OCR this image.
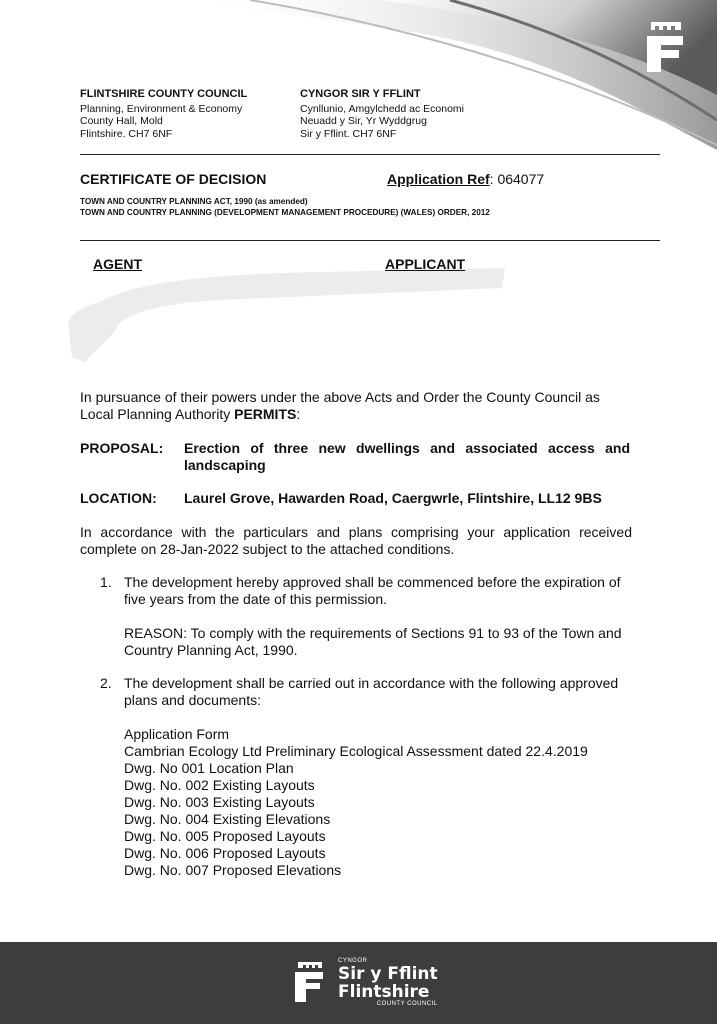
FLINTSHIRE COUNTY COUNCIL
Planning, Environment & Economy
County Hall, Mold
Flintshire. CH7 6NF
CYNGOR SIR Y FFLINT
Cynllunio, Amgylchedd ac Economi
Neuadd y Sir, Yr Wyddgrug
Sir y Fflint. CH7 6NF
CERTIFICATE OF DECISION	Application Ref: 064077
TOWN AND COUNTRY PLANNING ACT, 1990 (as amended)
TOWN AND COUNTRY PLANNING (DEVELOPMENT MANAGEMENT PROCEDURE) (WALES) ORDER, 2012
AGENT	APPLICANT
In pursuance of their powers under the above Acts and Order the County Council as Local Planning Authority PERMITS:
PROPOSAL: Erection of three new dwellings and associated access and landscaping
LOCATION: Laurel Grove, Hawarden Road, Caergwrle, Flintshire, LL12 9BS
In accordance with the particulars and plans comprising your application received complete on 28-Jan-2022 subject to the attached conditions.
1. The development hereby approved shall be commenced before the expiration of five years from the date of this permission.
REASON: To comply with the requirements of Sections 91 to 93 of the Town and Country Planning Act, 1990.
2. The development shall be carried out in accordance with the following approved plans and documents:
Application Form
Cambrian Ecology Ltd Preliminary Ecological Assessment dated 22.4.2019
Dwg. No 001 Location Plan
Dwg. No. 002 Existing Layouts
Dwg. No. 003 Existing Layouts
Dwg. No. 004 Existing Elevations
Dwg. No. 005 Proposed Layouts
Dwg. No. 006 Proposed Layouts
Dwg. No. 007 Proposed Elevations
CYNGOR
Sir y Fflint
Flintshire
COUNTY COUNCIL
